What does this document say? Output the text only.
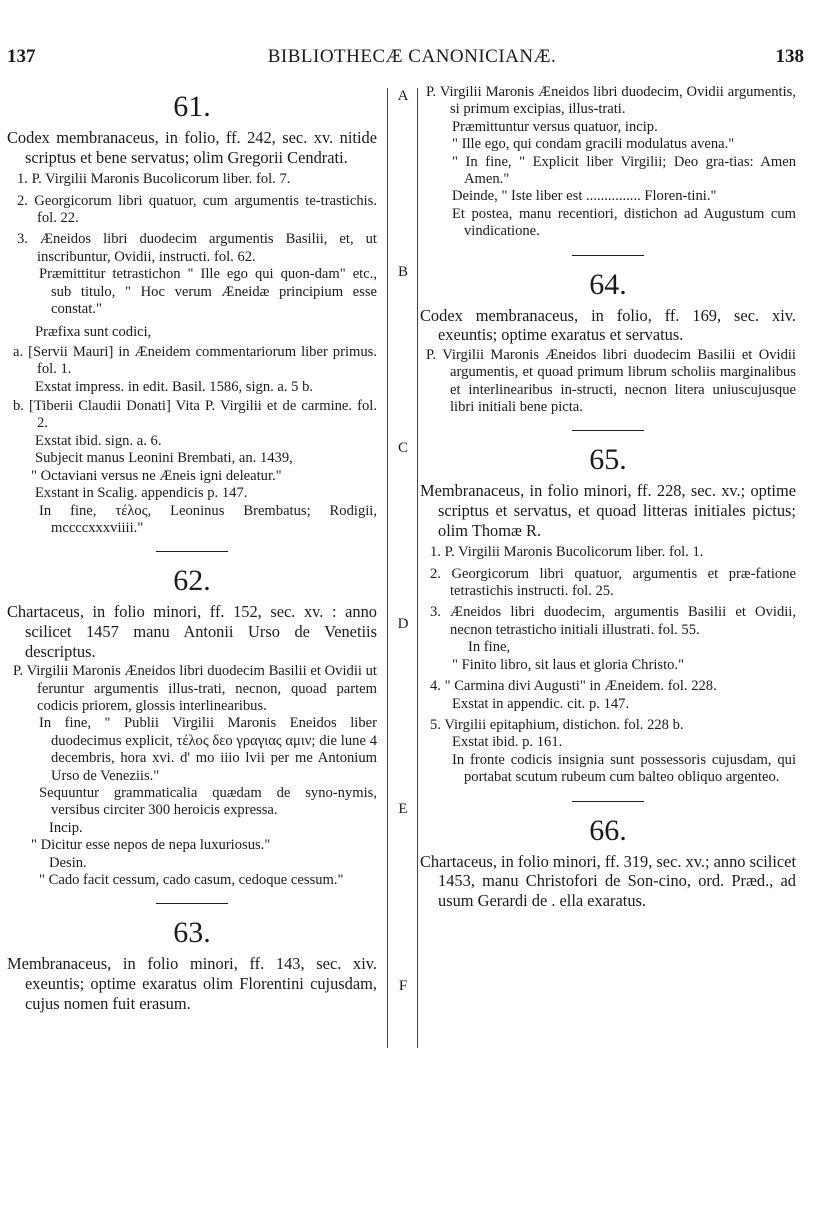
137	BIBLIOTHECÆ CANONICIANÆ.	138
A
B
C
D
E
F
61.
Codex membranaceus, in folio, ff. 242, sec. xv. nitide scriptus et bene servatus; olim Gregorii Cendrati.
1. P. Virgilii Maronis Bucolicorum liber. fol. 7.
2. Georgicorum libri quatuor, cum argumentis te-trastichis. fol. 22.
3. Æneidos libri duodecim argumentis Basilii, et, ut inscribuntur, Ovidii, instructi. fol. 62.
Præmittitur tetrastichon " Ille ego qui quon-dam" etc., sub titulo, " Hoc verum Æneidæ principium esse constat."
Præfixa sunt codici,
a. [Servii Mauri] in Æneidem commentariorum liber primus. fol. 1.
Exstat impress. in edit. Basil. 1586, sign. a. 5 b.
b. [Tiberii Claudii Donati] Vita P. Virgilii et de carmine. fol. 2.
Exstat ibid. sign. a. 6.
Subjecit manus Leonini Brembati, an. 1439,
" Octaviani versus ne Æneis igni deleatur."
Exstant in Scalig. appendicis p. 147.
In fine, τέλος, Leoninus Brembatus; Rodigii, mccccxxxviiii."
62.
Chartaceus, in folio minori, ff. 152, sec. xv. : anno scilicet 1457 manu Antonii Urso de Venetiis descriptus.
P. Virgilii Maronis Æneidos libri duodecim Basilii et Ovidii ut feruntur argumentis illus-trati, necnon, quoad partem codicis priorem, glossis interlinearibus.
In fine, " Publii Virgilii Maronis Eneidos liber duodecimus explicit, τέλος δεο γραγιας αμιν; die lune 4 decembris, hora xvi. d' mo iiio lvii per me Antonium Urso de Veneziis."
Sequuntur grammaticalia quædam de syno-nymis, versibus circiter 300 heroicis expressa.
Incip.
" Dicitur esse nepos de nepa luxuriosus."
Desin.
" Cado facit cessum, cado casum, cedoque cessum."
63.
Membranaceus, in folio minori, ff. 143, sec. xiv. exeuntis; optime exaratus olim Florentini cujusdam, cujus nomen fuit erasum.
P. Virgilii Maronis Æneidos libri duodecim, Ovidii argumentis, si primum excipias, illus-trati.
Præmittuntur versus quatuor, incip.
" Ille ego, qui condam gracili modulatus avena."
" In fine, " Explicit liber Virgilii; Deo gra-tias: Amen Amen."
Deinde, " Iste liber est ............... Floren-tini."
Et postea, manu recentiori, distichon ad Augustum cum vindicatione.
64.
Codex membranaceus, in folio, ff. 169, sec. xiv. exeuntis; optime exaratus et servatus.
P. Virgilii Maronis Æneidos libri duodecim Basilii et Ovidii argumentis, et quoad primum librum scholiis marginalibus et interlinearibus in-structi, necnon litera uniuscujusque libri initiali bene picta.
65.
Membranaceus, in folio minori, ff. 228, sec. xv.; optime scriptus et servatus, et quoad litteras initiales pictus; olim Thomæ R.
1. P. Virgilii Maronis Bucolicorum liber. fol. 1.
2. Georgicorum libri quatuor, argumentis et præ-fatione tetrastichis instructi. fol. 25.
3. Æneidos libri duodecim, argumentis Basilii et Ovidii, necnon tetrasticho initiali illustrati. fol. 55.
In fine,
" Finito libro, sit laus et gloria Christo."
4. " Carmina divi Augusti" in Æneidem. fol. 228.
Exstat in appendic. cit. p. 147.
5. Virgilii epitaphium, distichon. fol. 228 b.
Exstat ibid. p. 161.
In fronte codicis insignia sunt possessoris cujusdam, qui portabat scutum rubeum cum balteo obliquo argenteo.
66.
Chartaceus, in folio minori, ff. 319, sec. xv.; anno scilicet 1453, manu Christofori de Son-cino, ord. Præd., ad usum Gerardi de . ella exaratus.
